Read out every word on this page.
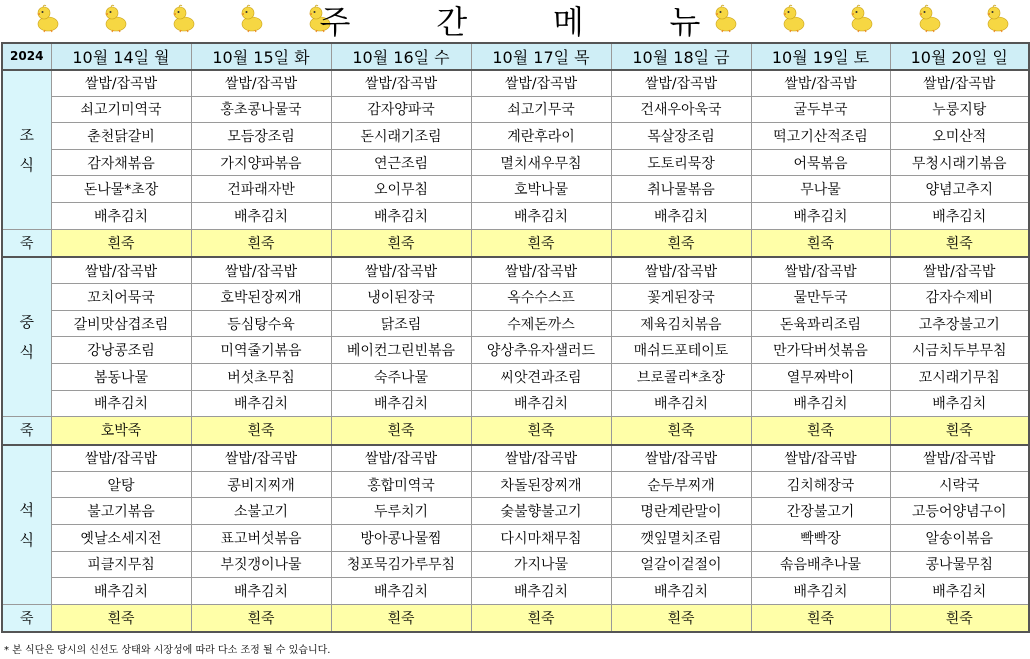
주	간	메	뉴
2024	10월 14일 월	10월 15일 화	10월 16일 수	10월 17일 목	10월 18일 금	10월 19일 토	10월 20일 일

조
식	쌀밥/잡곡밥	쌀밥/잡곡밥	쌀밥/잡곡밥	쌀밥/잡곡밥	쌀밥/잡곡밥	쌀밥/잡곡밥	쌀밥/잡곡밥
	쇠고기미역국	홍초콩나물국	감자양파국	쇠고기무국	건새우아욱국	굴두부국	누룽지탕
	춘천닭갈비	모듬장조림	돈시래기조림	계란후라이	목살장조림	떡고기산적조림	오미산적
	감자채볶음	가지양파볶음	연근조림	멸치새우무침	도토리묵장	어묵볶음	무청시래기볶음
	돈나물*초장	건파래자반	오이무침	호박나물	취나물볶음	무나물	양념고추지
	배추김치	배추김치	배추김치	배추김치	배추김치	배추김치	배추김치
죽	흰죽	흰죽	흰죽	흰죽	흰죽	흰죽	흰죽

중
식	쌀밥/잡곡밥	쌀밥/잡곡밥	쌀밥/잡곡밥	쌀밥/잡곡밥	쌀밥/잡곡밥	쌀밥/잡곡밥	쌀밥/잡곡밥
	꼬치어묵국	호박된장찌개	냉이된장국	옥수수스프	꽃게된장국	물만두국	감자수제비
	갈비맛삼겹조림	등심탕수육	닭조림	수제돈까스	제육김치볶음	돈육꽈리조림	고추장불고기
	강낭콩조림	미역줄기볶음	베이컨그린빈볶음	양상추유자샐러드	매쉬드포테이토	만가닥버섯볶음	시금치두부무침
	봄동나물	버섯초무침	숙주나물	씨앗견과조림	브로콜리*초장	열무짜박이	꼬시래기무침
	배추김치	배추김치	배추김치	배추김치	배추김치	배추김치	배추김치
죽	호박죽	흰죽	흰죽	흰죽	흰죽	흰죽	흰죽

석
식	쌀밥/잡곡밥	쌀밥/잡곡밥	쌀밥/잡곡밥	쌀밥/잡곡밥	쌀밥/잡곡밥	쌀밥/잡곡밥	쌀밥/잡곡밥
	알탕	콩비지찌개	홍합미역국	차돌된장찌개	순두부찌개	김치해장국	시락국
	불고기볶음	소불고기	두루치기	숯불향불고기	명란계란말이	간장불고기	고등어양념구이
	옛날소세지전	표고버섯볶음	방아콩나물찜	다시마채무침	깻잎멸치조림	빡빡장	알송이볶음
	피클지무침	부짓갱이나물	청포묵김가루무침	가지나물	얼갈이겉절이	솎음배추나물	콩나물무침
	배추김치	배추김치	배추김치	배추김치	배추김치	배추김치	배추김치
죽	흰죽	흰죽	흰죽	흰죽	흰죽	흰죽	흰죽
* 본 식단은 당시의 신선도 상태와 시장성에 따라 다소 조정 될 수 있습니다.
